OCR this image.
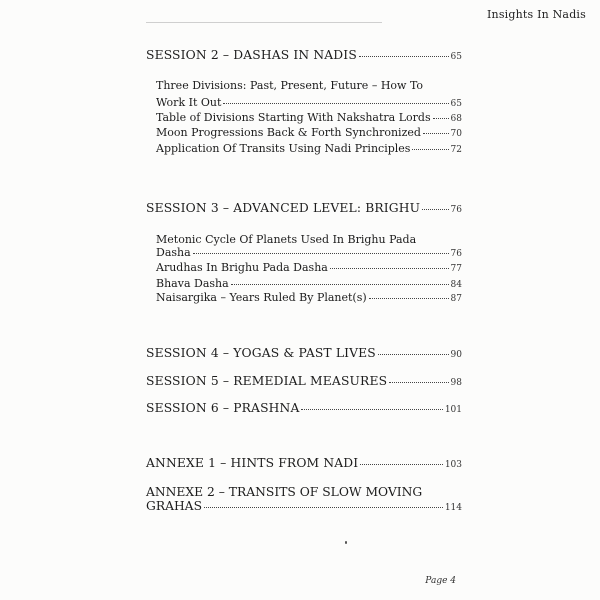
Insights In Nadis
SESSION 2 – DASHAS IN NADIS	65
Three Divisions: Past, Present, Future – How To
Work It Out	65
Table of Divisions Starting With Nakshatra Lords 68
Moon Progressions Back & Forth Synchronized	70
Application Of Transits Using Nadi Principles	72
SESSION 3 – ADVANCED LEVEL: BRIGHU	76
Metonic Cycle Of Planets Used In Brighu Pada
Dasha	76
Arudhas In Brighu Pada Dasha	77
Bhava Dasha	84
Naisargika – Years Ruled By Planet(s)	87
SESSION 4 – YOGAS & PAST LIVES	90
SESSION 5 – REMEDIAL MEASURES	98
SESSION 6 – PRASHNA	101
ANNEXE 1 – HINTS FROM NADI	103
ANNEXE 2 – TRANSITS OF SLOW MOVING
GRAHAS	114
Page 4
